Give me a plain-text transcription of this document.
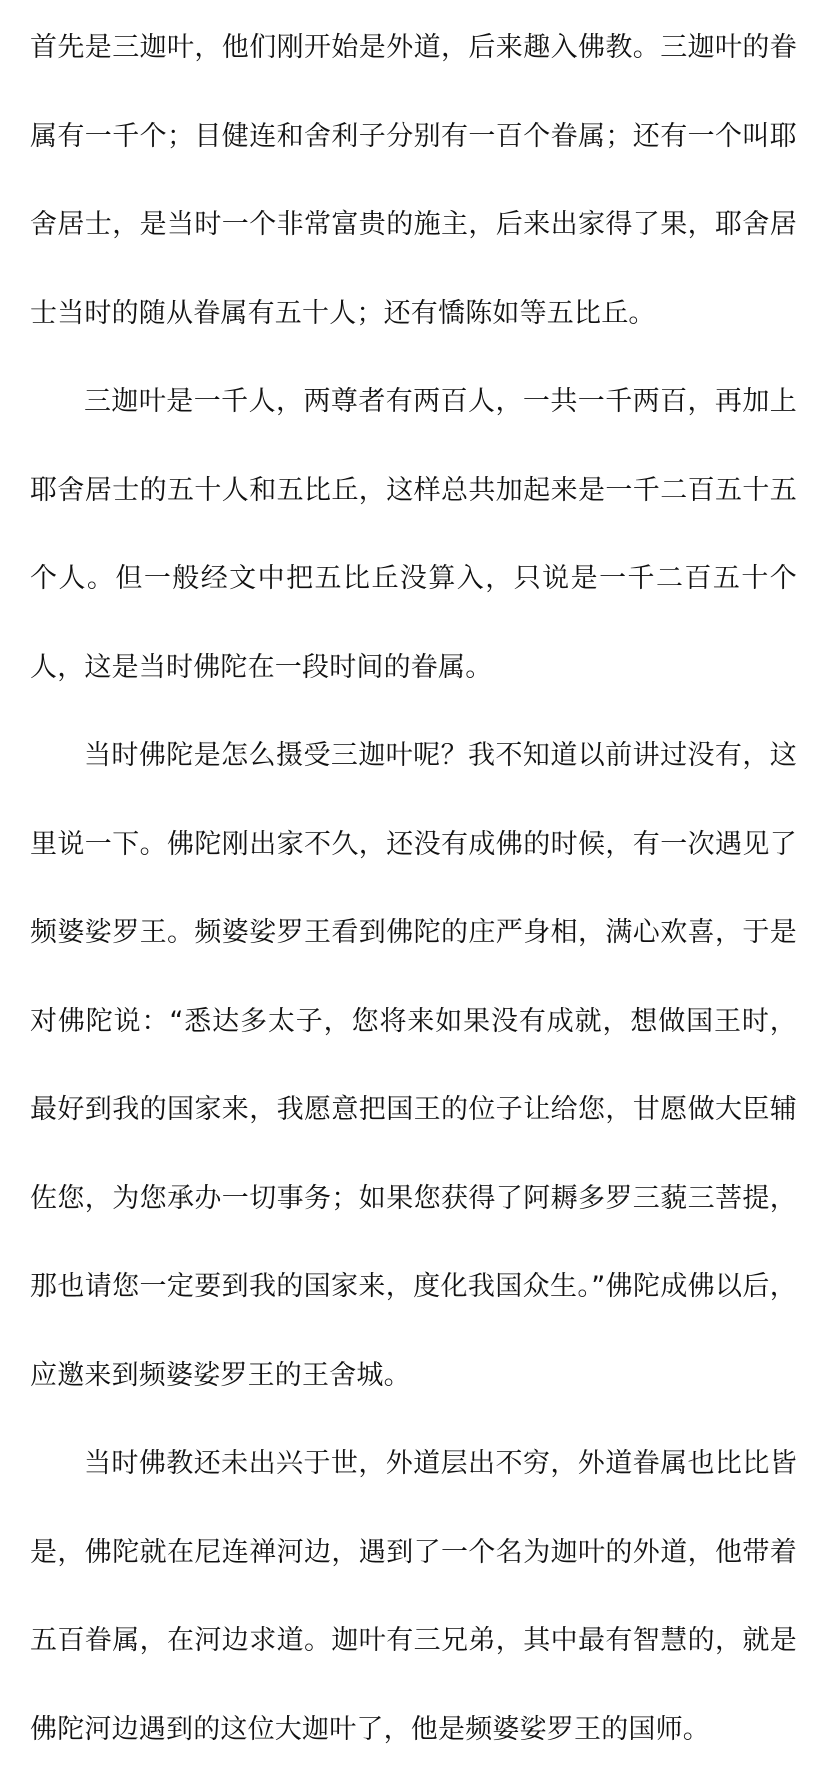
首先是三迦叶，他们刚开始是外道，后来趣入佛教。三迦叶的眷属有一千个；目健连和舍利子分别有一百个眷属；还有一个叫耶舍居士，是当时一个非常富贵的施主，后来出家得了果，耶舍居士当时的随从眷属有五十人；还有憍陈如等五比丘。

三迦叶是一千人，两尊者有两百人，一共一千两百，再加上耶舍居士的五十人和五比丘，这样总共加起来是一千二百五十五个人。但一般经文中把五比丘没算入，只说是一千二百五十个人，这是当时佛陀在一段时间的眷属。

当时佛陀是怎么摄受三迦叶呢？我不知道以前讲过没有，这里说一下。佛陀刚出家不久，还没有成佛的时候，有一次遇见了频婆娑罗王。频婆娑罗王看到佛陀的庄严身相，满心欢喜，于是对佛陀说：“悉达多太子，您将来如果没有成就，想做国王时，最好到我的国家来，我愿意把国王的位子让给您，甘愿做大臣辅佐您，为您承办一切事务；如果您获得了阿耨多罗三藐三菩提，那也请您一定要到我的国家来，度化我国众生。”佛陀成佛以后，应邀来到频婆娑罗王的王舍城。

当时佛教还未出兴于世，外道层出不穷，外道眷属也比比皆是，佛陀就在尼连禅河边，遇到了一个名为迦叶的外道，他带着五百眷属，在河边求道。迦叶有三兄弟，其中最有智慧的，就是佛陀河边遇到的这位大迦叶了，他是频婆娑罗王的国师。
